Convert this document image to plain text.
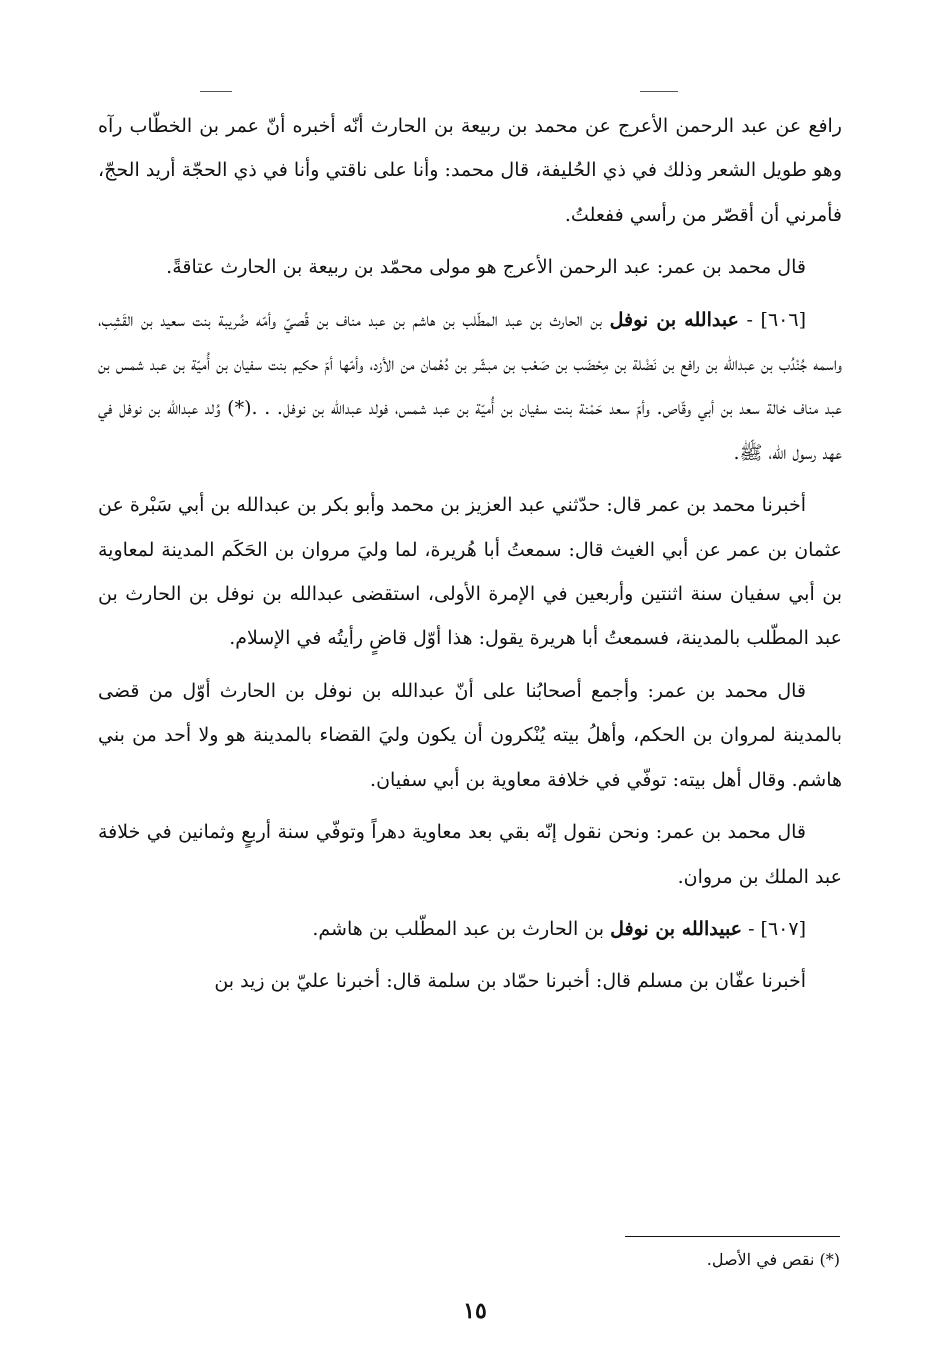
رافع عن عبد الرحمن الأعرج عن محمد بن ربيعة بن الحارث أنّه أخبره أنّ عمر بن الخطّاب رآه وهو طويل الشعر وذلك في ذي الحُليفة، قال محمد: وأنا على ناقتي وأنا في ذي الحجّة أريد الحجّ، فأمرني أن أقصّر من رأسي ففعلتُ.

قال محمد بن عمر: عبد الرحمن الأعرج هو مولى محمّد بن ربيعة بن الحارث عتاقةً.

[٦٠٦] - عبدالله بن نوفل بن الحارث بن عبد المطّلب بن هاشم بن عبد مناف بن قُصيّ وأمّه ضُريبة بنت سعيد بن القَشِب، واسمه جُنْدُب بن عبدالله بن رافع بن نَضْلة بن مِحْضَب بن صَعْب بن مبشّر بن دُهْمان من الأزد، وأمّها أمّ حكيم بنت سفيان بن أُميّة بن عبد شمس بن عبد مناف خالة سعد بن أبي وقّاص. وأمّ سعد حَمْنة بنت سفيان بن أُميّة بن عبد شمس، فولد عبدالله بن نوفل. . .(*) وُلد عبدالله بن نوفل في عهد رسول الله، ﷺ.

أخبرنا محمد بن عمر قال: حدّثني عبد العزيز بن محمد وأبو بكر بن عبدالله بن أبي سَبْرة عن عثمان بن عمر عن أبي الغيث قال: سمعتُ أبا هُريرة، لما وليَ مروان بن الحَكَم المدينة لمعاوية بن أبي سفيان سنة اثنتين وأربعين في الإمرة الأولى، استقضى عبدالله بن نوفل بن الحارث بن عبد المطّلب بالمدينة، فسمعتُ أبا هريرة يقول: هذا أوّل قاضٍ رأيتُه في الإسلام.

قال محمد بن عمر: وأجمع أصحابُنا على أنّ عبدالله بن نوفل بن الحارث أوّل من قضى بالمدينة لمروان بن الحكم، وأهلُ بيته يُنْكرون أن يكون وليَ القضاء بالمدينة هو ولا أحد من بني هاشم. وقال أهل بيته: توفّي في خلافة معاوية بن أبي سفيان.

قال محمد بن عمر: ونحن نقول إنّه بقي بعد معاوية دهراً وتوفّي سنة أربعٍ وثمانين في خلافة عبد الملك بن مروان.

[٦٠٧] - عبيدالله بن نوفل بن الحارث بن عبد المطّلب بن هاشم.

أخبرنا عفّان بن مسلم قال: أخبرنا حمّاد بن سلمة قال: أخبرنا عليّ بن زيد بن

(*) نقص في الأصل.
١٥
